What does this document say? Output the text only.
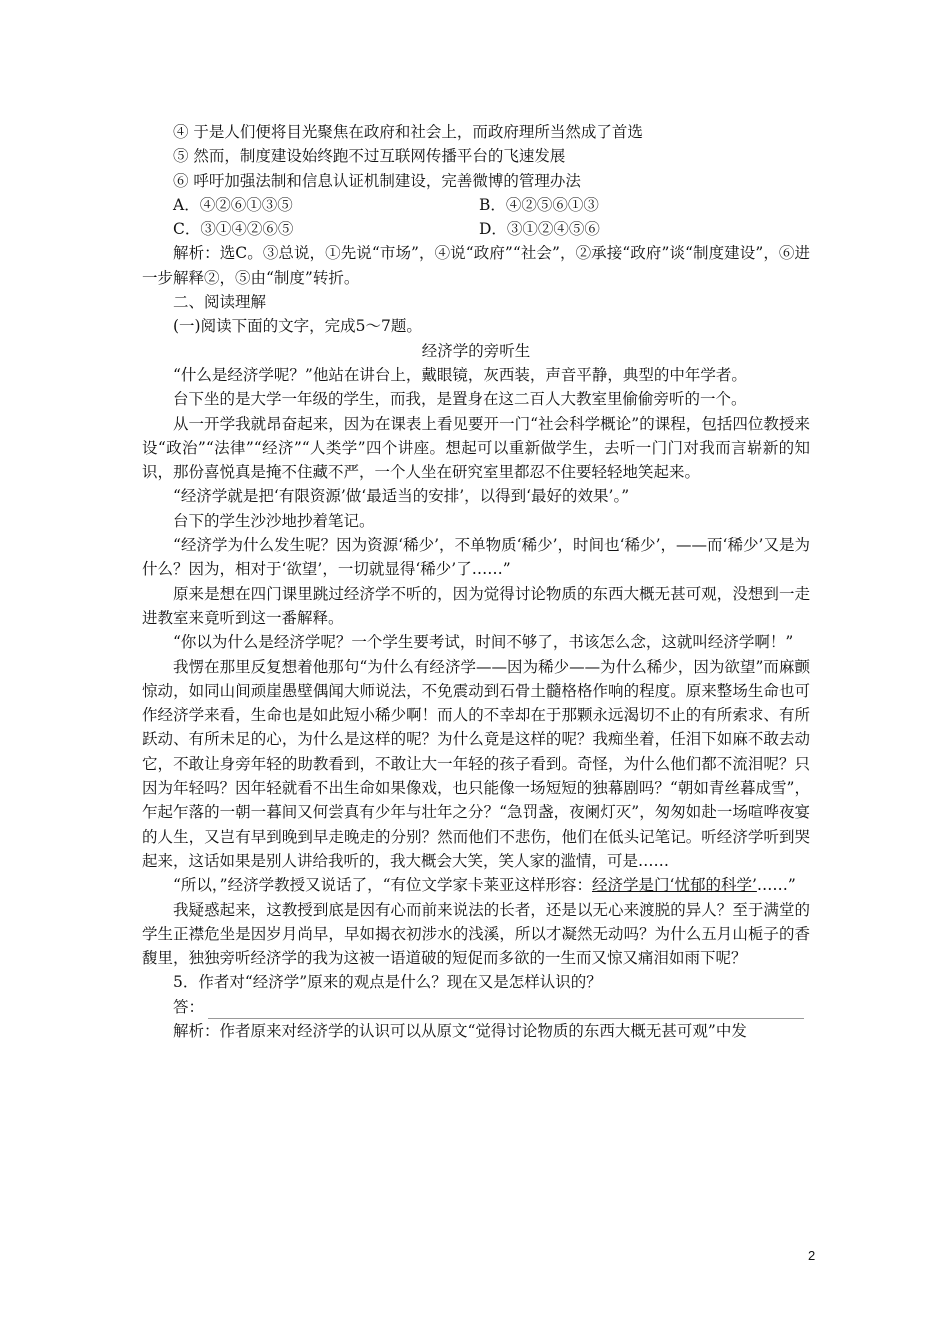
④ 于是人们便将目光聚焦在政府和社会上，而政府理所当然成了首选

⑤ 然而，制度建设始终跑不过互联网传播平台的飞速发展

⑥ 呼吁加强法制和信息认证机制建设，完善微博的管理办法

A．④②⑥①③⑤	B．④②⑤⑥①③
C．③①④②⑥⑤	D．③①②④⑤⑥

解析：选C。③总说，①先说“市场”，④说“政府”“社会”，②承接“政府”谈“制度建设”，⑥进一步解释②，⑤由“制度”转折。

二、阅读理解

(一)阅读下面的文字，完成5～7题。

经济学的旁听生

“什么是经济学呢？”他站在讲台上，戴眼镜，灰西装，声音平静，典型的中年学者。

台下坐的是大学一年级的学生，而我，是置身在这二百人大教室里偷偷旁听的一个。

从一开学我就昂奋起来，因为在课表上看见要开一门“社会科学概论”的课程，包括四位教授来设“政治”“法律”“经济”“人类学”四个讲座。想起可以重新做学生，去听一门门对我而言崭新的知识，那份喜悦真是掩不住藏不严，一个人坐在研究室里都忍不住要轻轻地笑起来。

“经济学就是把‘有限资源’做‘最适当的安排’，以得到‘最好的效果’。”

台下的学生沙沙地抄着笔记。

“经济学为什么发生呢？因为资源‘稀少’，不单物质‘稀少’，时间也‘稀少’，——而‘稀少’又是为什么？因为，相对于‘欲望’，一切就显得‘稀少’了……”

原来是想在四门课里跳过经济学不听的，因为觉得讨论物质的东西大概无甚可观，没想到一走进教室来竟听到这一番解释。

“你以为什么是经济学呢？一个学生要考试，时间不够了，书该怎么念，这就叫经济学啊！”

我愣在那里反复想着他那句“为什么有经济学——因为稀少——为什么稀少，因为欲望”而麻颤惊动，如同山间顽崖愚壁偶闻大师说法，不免震动到石骨土髓格格作响的程度。原来整场生命也可作经济学来看，生命也是如此短小稀少啊！而人的不幸却在于那颗永远渴切不止的有所索求、有所跃动、有所未足的心，为什么是这样的呢？为什么竟是这样的呢？我痴坐着，任泪下如麻不敢去动它，不敢让身旁年轻的助教看到，不敢让大一年轻的孩子看到。奇怪，为什么他们都不流泪呢？只因为年轻吗？因年轻就看不出生命如果像戏，也只能像一场短短的独幕剧吗？“朝如青丝暮成雪”，乍起乍落的一朝一暮间又何尝真有少年与壮年之分？“急罚盏，夜阑灯灭”，匆匆如赴一场喧哗夜宴的人生，又岂有早到晚到早走晚走的分别？然而他们不悲伤，他们在低头记笔记。听经济学听到哭起来，这话如果是别人讲给我听的，我大概会大笑，笑人家的滥情，可是……

“所以，”经济学教授又说话了，“有位文学家卡莱亚这样形容：经济学是门‘忧郁的科学’……”

我疑惑起来，这教授到底是因有心而前来说法的长者，还是以无心来渡脱的异人？至于满堂的学生正襟危坐是因岁月尚早，早如揭衣初涉水的浅溪，所以才凝然无动吗？为什么五月山栀子的香馥里，独独旁听经济学的我为这被一语道破的短促而多欲的一生而又惊又痛泪如雨下呢？

5．作者对“经济学”原来的观点是什么？现在又是怎样认识的？

答：

解析：作者原来对经济学的认识可以从原文“觉得讨论物质的东西大概无甚可观”中发

2
